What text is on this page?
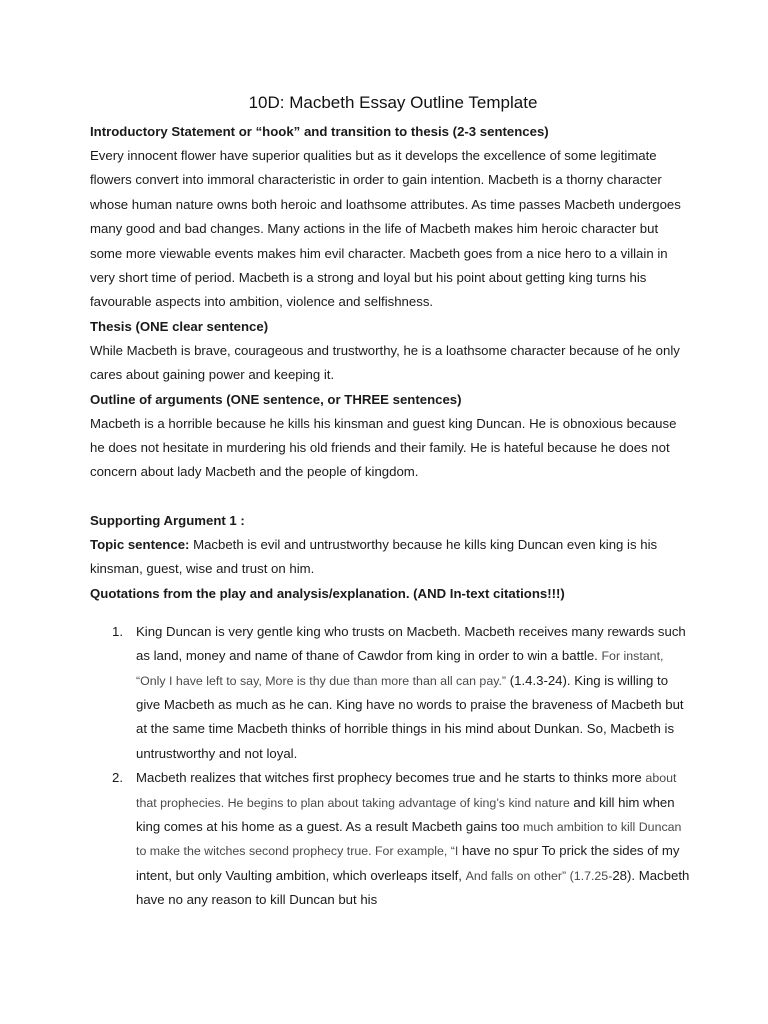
10D: Macbeth Essay Outline Template

Introductory Statement or “hook” and transition to thesis (2-3 sentences)

Every innocent flower have superior qualities but as it develops the excellence of some legitimate flowers convert into immoral characteristic in order to gain intention. Macbeth is a thorny character whose human nature owns both heroic and loathsome attributes. As time passes Macbeth undergoes many good and bad changes. Many actions in the life of Macbeth makes him heroic character but some more viewable events makes him evil character. Macbeth goes from a nice hero to a villain in very short time of period. Macbeth is a strong and loyal but his point about getting king turns his favourable aspects into ambition, violence and selfishness.

Thesis (ONE clear sentence)

While Macbeth is brave, courageous and trustworthy, he is a loathsome character because of he only cares about gaining power and keeping it.

Outline of arguments (ONE sentence, or THREE sentences)

Macbeth is a horrible because he kills his kinsman and guest king Duncan. He is obnoxious because he does not hesitate in murdering his old friends and their family. He is hateful because he does not concern about lady Macbeth and the people of kingdom.

Supporting Argument 1 :

Topic sentence: Macbeth is evil and untrustworthy because he kills king Duncan even king is his kinsman, guest, wise and trust on him.

Quotations from the play and analysis/explanation. (AND In-text citations!!!)

1. King Duncan is very gentle king who trusts on Macbeth. Macbeth receives many rewards such as land, money and name of thane of Cawdor from king in order to win a battle. For instant, “Only I have left to say, More is thy due than more than all can pay.” (1.4.3-24). King is willing to give Macbeth as much as he can. King have no words to praise the braveness of Macbeth but at the same time Macbeth thinks of horrible things in his mind about Dunkan. So, Macbeth is untrustworthy and not loyal.
2. Macbeth realizes that witches first prophecy becomes true and he starts to thinks more about that prophecies. He begins to plan about taking advantage of king’s kind nature and kill him when king comes at his home as a guest. As a result Macbeth gains too much ambition to kill Duncan to make the witches second prophecy true. For example, “I have no spur To prick the sides of my intent, but only Vaulting ambition, which overleaps itself, And falls on other” (1.7.25-28). Macbeth have no any reason to kill Duncan but his
